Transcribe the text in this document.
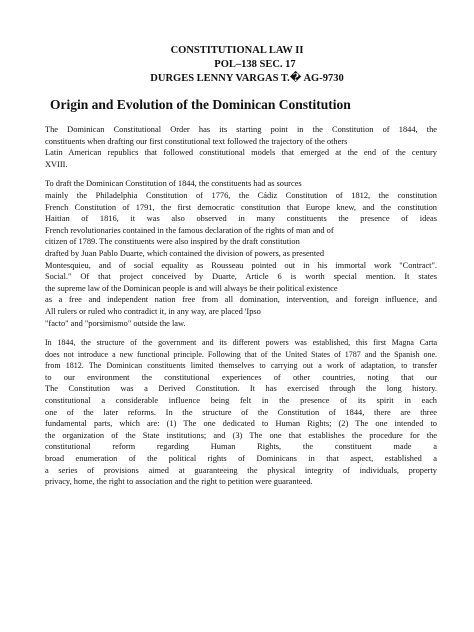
CONSTITUTIONAL LAW II
POL–138 SEC. 17
DURGES LENNY VARGAS T.� AG-9730
Origin and Evolution of the Dominican Constitution
The Dominican Constitutional Order has its starting point in the Constitution of 1844, the
constituents when drafting our first constitutional text followed the trajectory of the others
Latin American republics that followed constitutional models that emerged at the end of the century
XVIII.
To draft the Dominican Constitution of 1844, the constituents had as sources
mainly the Philadelphia Constitution of 1776, the Cádiz Constitution of 1812, the constitution
French Constitution of 1791, the first democratic constitution that Europe knew, and the constitution
Haitian of 1816, it was also observed in many constituents the presence of ideas
French revolutionaries contained in the famous declaration of the rights of man and of
citizen of 1789. The constituents were also inspired by the draft constitution
drafted by Juan Pablo Duarte, which contained the division of powers, as presented
Montesquieu, and of social equality as Rousseau pointed out in his immortal work "Contract".
Social." Of that project conceived by Duarte, Article 6 is worth special mention. It states
the supreme law of the Dominican people is and will always be their political existence
as a free and independent nation free from all domination, intervention, and foreign influence, and
All rulers or ruled who contradict it, in any way, are placed 'Ipso
"facto" and "porsimismo" outside the law.
In 1844, the structure of the government and its different powers was established, this first Magna Carta
does not introduce a new functional principle. Following that of the United States of 1787 and the Spanish one.
from 1812. The Dominican constituents limited themselves to carrying out a work of adaptation, to transfer
to our environment the constitutional experiences of other countries, noting that our
The Constitution was a Derived Constitution. It has exercised through the long history.
constitutional a considerable influence being felt in the presence of its spirit in each
one of the later reforms. In the structure of the Constitution of 1844, there are three
fundamental parts, which are: (1) The one dedicated to Human Rights; (2) The one intended to
the organization of the State institutions; and (3) The one that establishes the procedure for the
constitutional reform regarding Human Rights, the constituent made a
broad enumeration of the political rights of Dominicans in that aspect, established a
a series of provisions aimed at guaranteeing the physical integrity of individuals, property
privacy, home, the right to association and the right to petition were guaranteed.
